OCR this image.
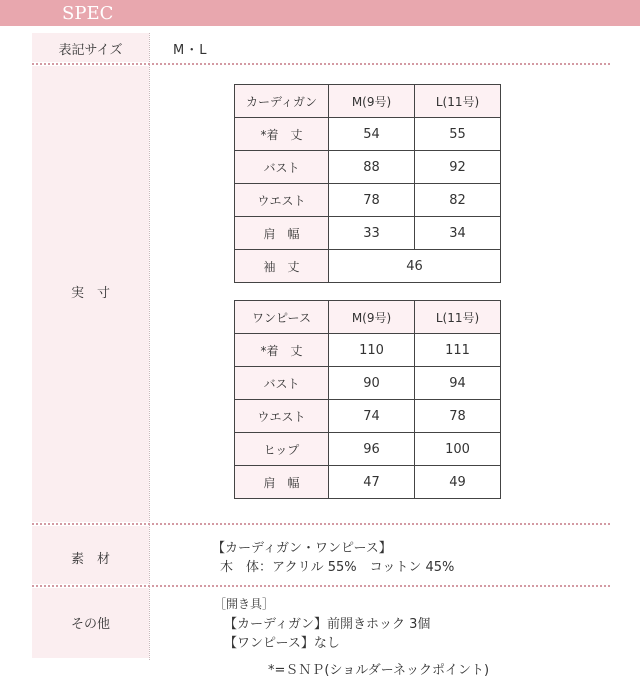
SPEC
表記サイズ	M・L
実　寸
カーディガン	M(9号)	L(11号)
*着　丈	54	55
バスト	88	92
ウエスト	78	82
肩　幅	33	34
袖　丈	46	
ワンピース	M(9号)	L(11号)
*着　丈	110	111
バスト	90	94
ウエスト	74	78
ヒップ	96	100
肩　幅	47	49
素　材
【カーディガン・ワンピース】
木　体：アクリル 55%　コットン 45%
その他
［開き具］
【カーディガン】前開きホック 3個
【ワンピース】なし
*=ＳＮＰ(ショルダーネックポイント)
